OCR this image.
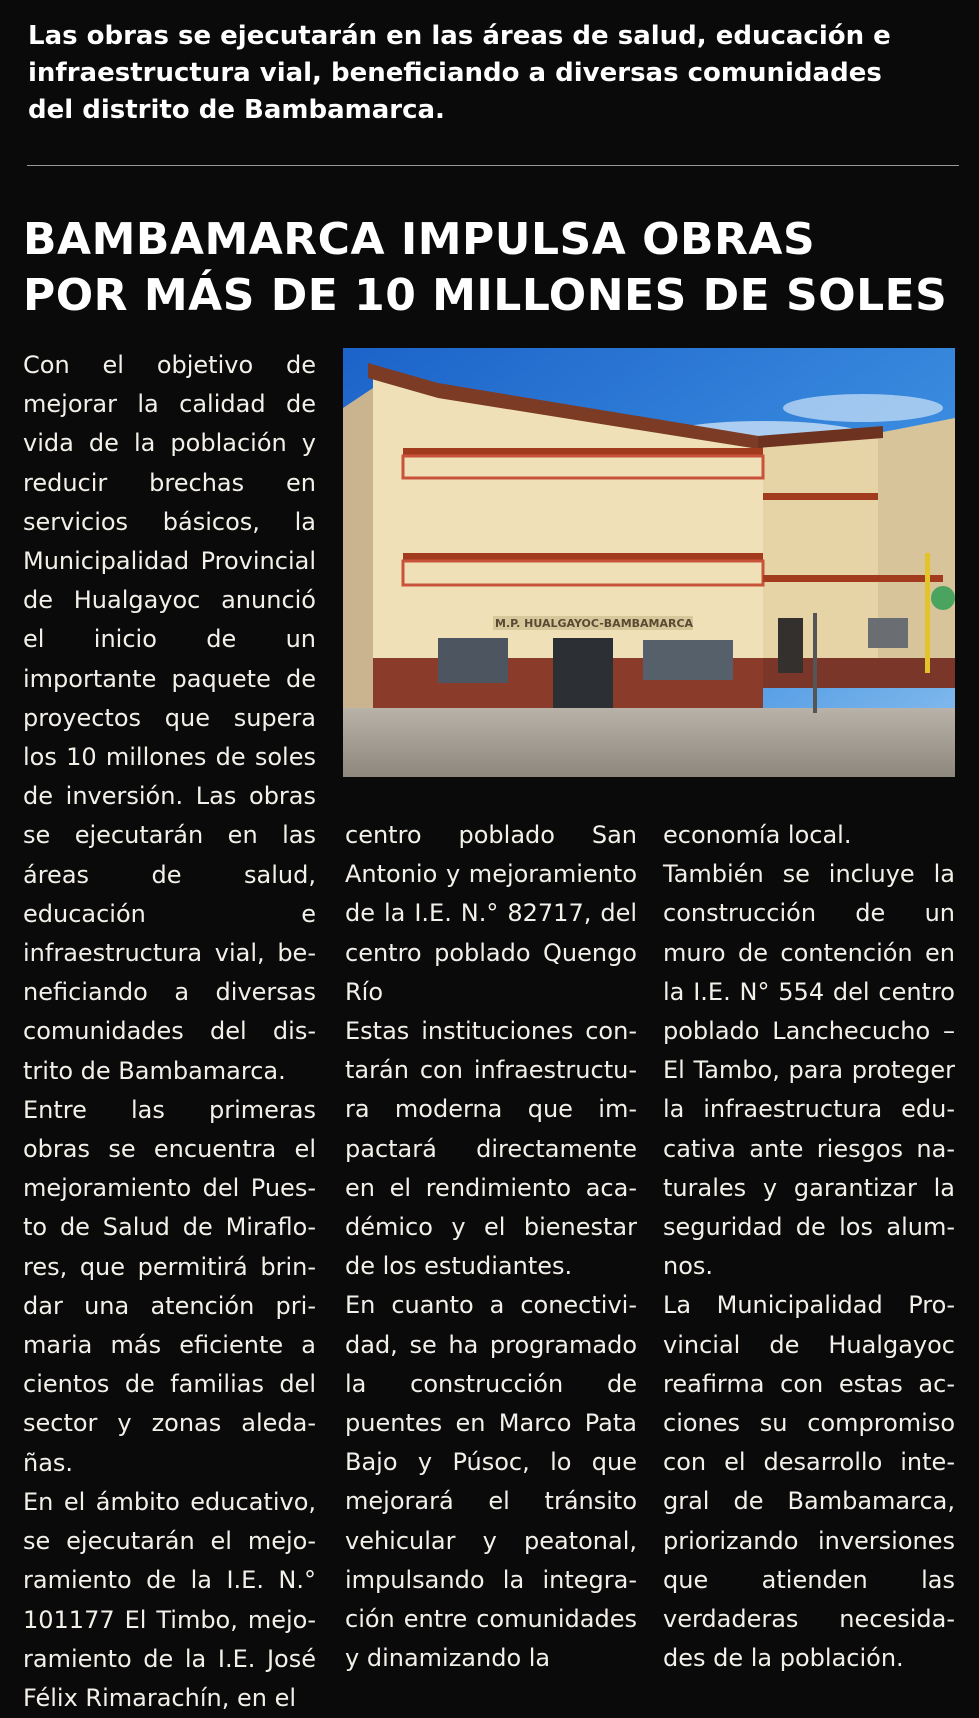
Las obras se ejecutarán en las áreas de salud, educación e infraestructura vial, beneficiando a diversas comunidades del distrito de Bambamarca.
BAMBAMARCA IMPULSA OBRAS
POR MÁS DE 10 MILLONES DE SOLES
M.P. HUALGAYOC-BAMBAMARCA

Con el objetivo de mejorar la calidad de vida de la población y reducir brechas en servicios básicos, la Municipalidad Provincial de Hualgayoc anunció el inicio de un importante paquete de proyectos que supera los 10 millones de soles de inversión. Las obras se ejecutarán en las áreas de salud, educación e infraestructura vial, beneficiando a diversas comunidades del distrito de Bambamarca.

Entre las primeras obras se encuentra el mejoramiento del Puesto de Salud de Miraflores, que permitirá brindar una atención primaria más eficiente a cientos de familias del sector y zonas aledañas.

En el ámbito educativo, se ejecutarán el mejoramiento de la I.E. N.° 101177 El Timbo, mejoramiento de la I.E. José Félix Rimarachín, en el

centro poblado San Antonio y mejoramiento de la I.E. N.° 82717, del centro poblado Quengo Río

Estas instituciones contarán con infraestructura moderna que impactará directamente en el rendimiento académico y el bienestar de los estudiantes.

En cuanto a conectividad, se ha programado la construcción de puentes en Marco Pata Bajo y Púsoc, lo que mejorará el tránsito vehicular y peatonal, impulsando la integración entre comunidades y dinamizando la

economía local.

También se incluye la construcción de un muro de contención en la I.E. N° 554 del centro poblado Lanchecucho – El Tambo, para proteger la infraestructura educativa ante riesgos naturales y garantizar la seguridad de los alumnos.

La Municipalidad Provincial de Hualgayoc reafirma con estas acciones su compromiso con el desarrollo integral de Bambamarca, priorizando inversiones que atienden las verdaderas necesidades de la población.
